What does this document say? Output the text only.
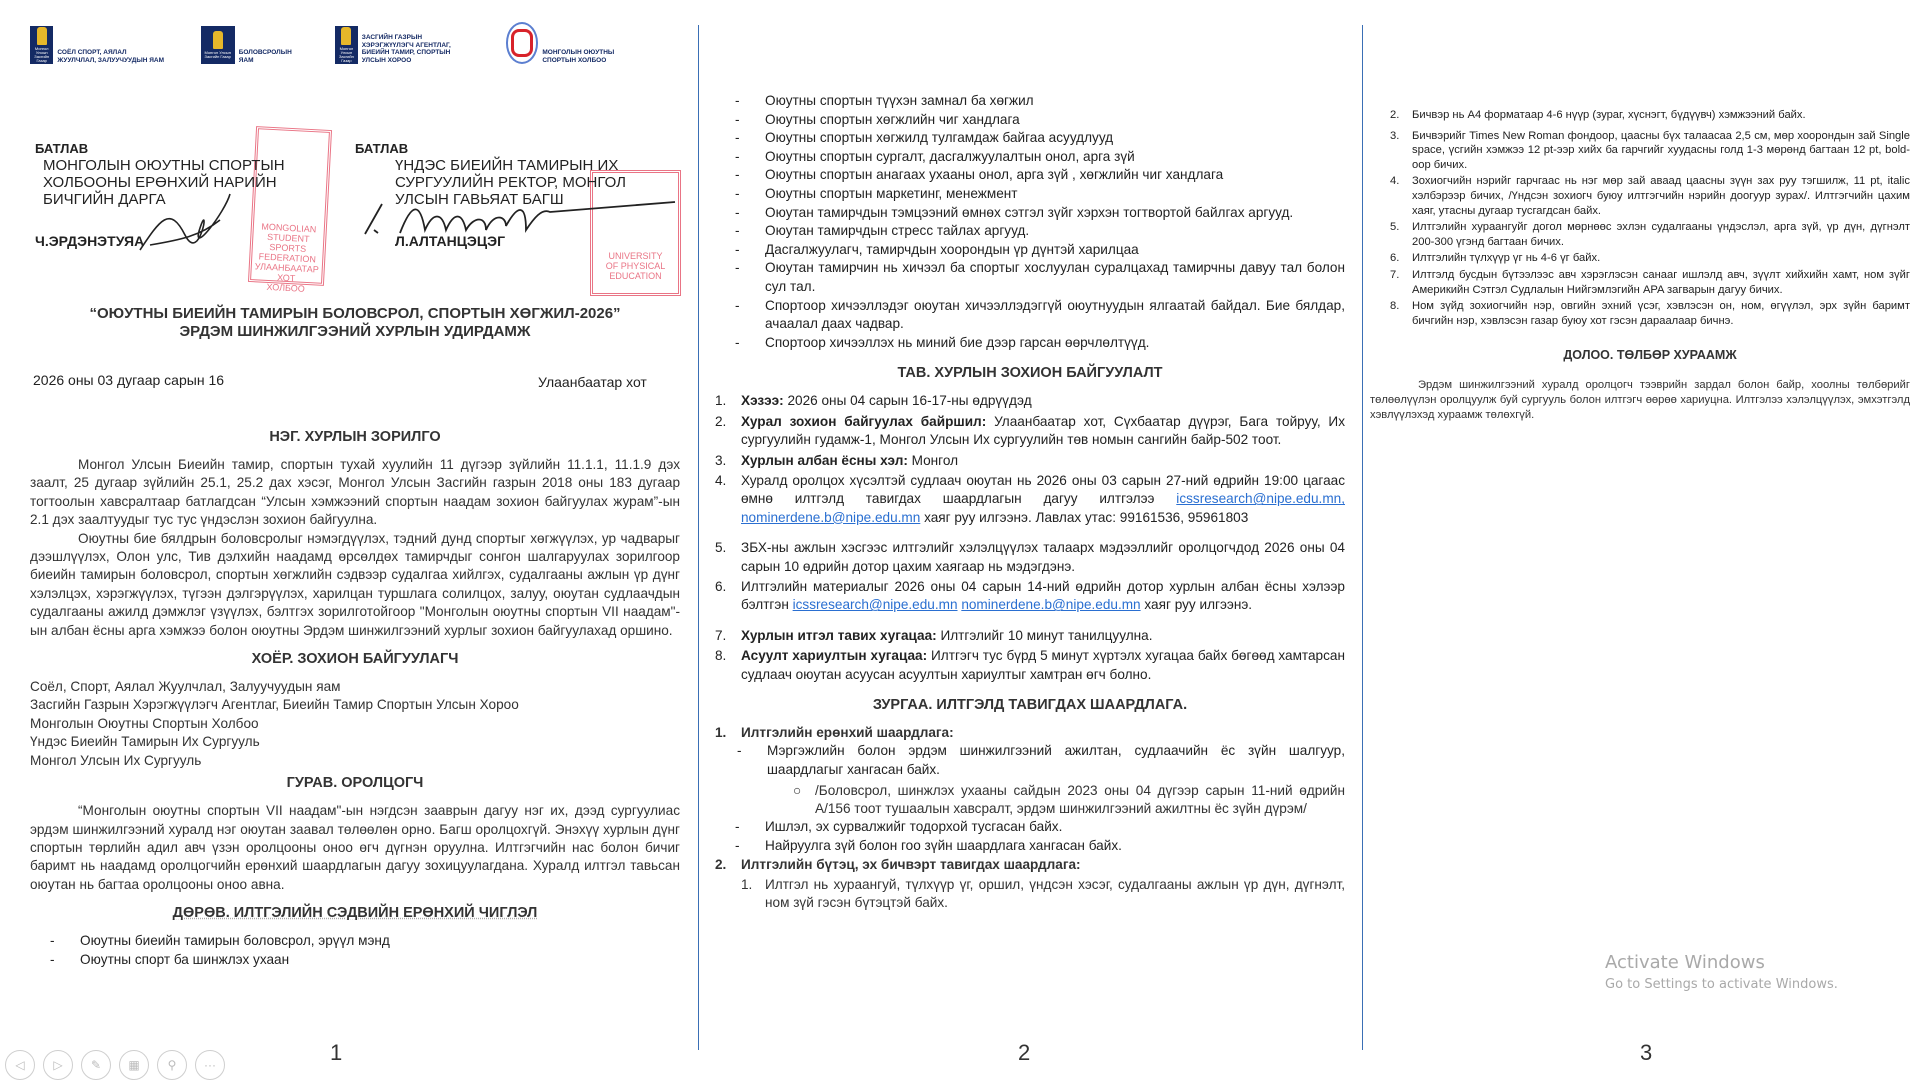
Монгол Улсын Засгийн Газар
СОЁЛ СПОРТ, АЯЛАЛ ЖУУЛЧЛАЛ, ЗАЛУУЧУУДЫН ЯАМ
Монгол Улсын Засгийн Газар
БОЛОВСРОЛЫН ЯАМ
Монгол Улсын Засгийн Газар
ЗАСГИЙН ГАЗРЫН ХЭРЭГЖҮҮЛЭГЧ АГЕНТЛАГ, БИЕИЙН ТАМИР, СПОРТЫН УЛСЫН ХОРОО
МОНГОЛЫН ОЮУТНЫ СПОРТЫН ХОЛБОО
MONGOLIAN
STUDENT SPORTS
FEDERATION
УЛААНБААТАР ХОТ
ХОЛБОО
БАТЛАВ
МОНГОЛЫН ОЮУТНЫ СПОРТЫН
ХОЛБООНЫ ЕРӨНХИЙ НАРИЙН
БИЧГИЙН ДАРГА
Ч.ЭРДЭНЭТУЯА
UNIVERSITY
OF PHYSICAL
EDUCATION
БАТЛАВ
ҮНДЭС БИЕИЙН ТАМИРЫН ИХ
СУРГУУЛИЙН РЕКТОР, МОНГОЛ
УЛСЫН ГАВЬЯАТ БАГШ
Л.АЛТАНЦЭЦЭГ
“ОЮУТНЫ БИЕИЙН ТАМИРЫН БОЛОВСРОЛ, СПОРТЫН ХӨГЖИЛ-2026”
ЭРДЭМ ШИНЖИЛГЭЭНИЙ ХУРЛЫН УДИРДАМЖ
2026 оны 03 дугаар сарын 16	Улаанбаатар хот
НЭГ. ХУРЛЫН ЗОРИЛГО
Монгол Улсын Биеийн тамир, спортын тухай хуулийн 11 дүгээр зүйлийн 11.1.1, 11.1.9 дэх заалт, 25 дугаар зүйлийн 25.1, 25.2 дах хэсэг, Монгол Улсын Засгийн газрын 2018 оны 183 дугаар тогтоолын хавсралтаар батлагдсан “Улсын хэмжээний спортын наадам зохион байгуулах журам”-ын 2.1 дэх заалтуудыг тус тус үндэслэн зохион байгуулна.
Оюутны бие бялдрын боловсролыг нэмэгдүүлэх, тэдний дунд спортыг хөгжүүлэх, ур чадварыг дээшлүүлэх, Олон улс, Тив дэлхийн наадамд өрсөлдөх тамирчдыг сонгон шалгаруулах зорилгоор биеийн тамирын боловсрол, спортын хөгжлийн сэдвээр судалгаа хийлгэх, судалгааны ажлын үр дүнг хэлэлцэх, хэрэгжүүлэх, түгээн дэлгэрүүлэх, харилцан туршлага солилцох, залуу, оюутан судлаачдын судалгааны ажилд дэмжлэг үзүүлэх, бэлтгэх зорилготойгоор "Монголын оюутны спортын VII наадам"-ын албан ёсны арга хэмжээ болон оюутны Эрдэм шинжилгээний хурлыг зохион байгуулахад оршино.
ХОЁР. ЗОХИОН БАЙГУУЛАГЧ
Соёл, Спорт, Аялал Жуулчлал, Залуучуудын яам
Засгийн Газрын Хэрэгжүүлэгч Агентлаг, Биеийн Тамир Спортын Улсын Хороо
Монголын Оюутны Спортын Холбоо
Үндэс Биеийн Тамирын Их Сургууль
Монгол Улсын Их Сургууль
ГУРАВ. ОРОЛЦОГЧ
“Монголын оюутны спортын VII наадам"-ын нэгдсэн зааврын дагуу нэг их, дээд сургуулиас эрдэм шинжилгээний хуралд нэг оюутан заавал төлөөлөн орно. Багш оролцохгүй. Энэхүү хурлын дүнг спортын төрлийн адил авч үзэн оролцооны оноо өгч дүгнэн оруулна. Илтгэгчийн нас болон бичиг баримт нь наадамд оролцогчийн ерөнхий шаардлагын дагуу зохицуулагдана. Хуралд илтгэл тавьсан оюутан нь багтаа оролцооны оноо авна.
ДӨРӨВ. ИЛТГЭЛИЙН СЭДВИЙН ЕРӨНХИЙ ЧИГЛЭЛ
- Оюутны биеийн тамирын боловсрол, эрүүл мэнд
- Оюутны спорт ба шинжлэх ухаан
- Оюутны спортын түүхэн замнал ба хөгжил
- Оюутны спортын хөгжлийн чиг хандлага
- Оюутны спортын хөгжилд тулгамдаж байгаа асуудлууд
- Оюутны спортын сургалт, дасгалжуулалтын онол, арга зүй
- Оюутны спортын анагаах ухааны онол, арга зүй , хөгжлийн чиг хандлага
- Оюутны спортын маркетинг, менежмент
- Оюутан тамирчдын тэмцээний өмнөх сэтгэл зүйг хэрхэн тогтвортой байлгах аргууд.
- Оюутан тамирчдын стресс тайлах аргууд.
- Дасгалжуулагч, тамирчдын хоорондын үр дүнтэй харилцаа
- Оюутан тамирчин нь хичээл ба спортыг хослуулан суралцахад тамирчны давуу тал болон сул тал.
- Спортоор хичээллэдэг оюутан хичээллэдэггүй оюутнуудын ялгаатай байдал. Бие бялдар, ачаалал даах чадвар.
- Спортоор хичээллэх нь миний бие дээр гарсан өөрчлөлтүүд.
ТАВ. ХУРЛЫН ЗОХИОН БАЙГУУЛАЛТ
1. Хэзээ: 2026 оны 04 сарын 16-17-ны өдрүүдэд
2. Хурал зохион байгуулах байршил: Улаанбаатар хот, Сүхбаатар дүүрэг, Бага тойруу, Их сургуулийн гудамж-1, Монгол Улсын Их сургуулийн төв номын сангийн байр-502 тоот.
3. Хурлын албан ёсны хэл: Монгол
4. Хуралд оролцох хүсэлтэй судлаач оюутан нь 2026 оны 03 сарын 27-ний өдрийн 19:00 цагаас өмнө илтгэлд тавигдах шаардлагын дагуу илтгэлээ icssresearch@nipe.edu.mn, nominerdene.b@nipe.edu.mn хаяг руу илгээнэ. Лавлах утас: 99161536, 95961803
5. ЗБХ-ны ажлын хэсгээс илтгэлийг хэлэлцүүлэх талаарх мэдээллийг оролцогчдод 2026 оны 04 сарын 10 өдрийн дотор цахим хаягаар нь мэдэгдэнэ.
6. Илтгэлийн материалыг 2026 оны 04 сарын 14-ний өдрийн дотор хурлын албан ёсны хэлээр бэлтгэн icssresearch@nipe.edu.mn nominerdene.b@nipe.edu.mn хаяг руу илгээнэ.
7. Хурлын итгэл тавих хугацаа: Илтгэлийг 10 минут танилцуулна.
8. Асуулт хариултын хугацаа: Илтгэгч тус бүрд 5 минут хүртэлх хугацаа байх бөгөөд хамтарсан судлаач оюутан асуусан асуултын хариултыг хамтран өгч болно.
ЗУРГАА. ИЛТГЭЛД ТАВИГДАХ ШААРДЛАГА.
1. Илтгэлийн ерөнхий шаардлага:
- Мэргэжлийн болон эрдэм шинжилгээний ажилтан, судлаачийн ёс зүйн шалгуур, шаардлагыг хангасан байх.
○ /Боловсрол, шинжлэх ухааны сайдын 2023 оны 04 дүгээр сарын 11-ний өдрийн А/156 тоот тушаалын хавсралт, эрдэм шинжилгээний ажилтны ёс зүйн дүрэм/
- Ишлэл, эх сурвалжийг тодорхой тусгасан байх.
- Найруулга зүй болон гоо зүйн шаардлага хангасан байх.
2. Илтгэлийн бүтэц, эх бичвэрт тавигдах шаардлага:
1. Илтгэл нь хураангуй, түлхүүр үг, оршил, үндсэн хэсэг, судалгааны ажлын үр дүн, дүгнэлт, ном зүй гэсэн бүтэцтэй байх.
2. Бичвэр нь А4 форматаар 4-6 нүүр (зураг, хүснэгт, бүдүүвч) хэмжээний байх.
3. Бичвэрийг Times New Roman фондоор, цаасны бүх талаасаа 2,5 см, мөр хоорондын зай Single space, үсгийн хэмжээ 12 pt-ээр хийх ба гарчгийг хуудасны голд 1-3 мөрөнд багтаан 12 pt, bold-оор бичих.
4. Зохиогчийн нэрийг гарчгаас нь нэг мөр зай аваад цаасны зүүн зах руу тэгшилж, 11 pt, italic хэлбэрээр бичих, /Үндсэн зохиогч буюу илтгэгчийн нэрийн доогуур зурах/. Илтгэгчийн цахим хаяг, утасны дугаар тусгагдсан байх.
5. Илтгэлийн хураангуйг догол мөрнөөс эхлэн судалгааны үндэслэл, арга зүй, үр дүн, дүгнэлт 200-300 үгэнд багтаан бичих.
6. Илтгэлийн түлхүүр үг нь 4-6 үг байх.
7. Илтгэлд бусдын бүтээлээс авч хэрэглэсэн санааг ишлэлд авч, зүүлт хийхийн хамт, ном зүйг Америкийн Сэтгэл Судлалын Нийгэмлэгийн APA загварын дагуу бичих.
8. Ном зүйд зохиогчийн нэр, овгийн эхний үсэг, хэвлэсэн он, ном, өгүүлэл, эрх зүйн баримт бичгийн нэр, хэвлэсэн газар буюу хот гэсэн дараалаар бичнэ.
ДОЛОО. ТӨЛБӨР ХУРААМЖ
Эрдэм шинжилгээний хуралд оролцогч тээврийн зардал болон байр, хоолны төлбөрийг төлөөлүүлэн оролцуулж буй сургууль болон илтгэгч өөрөө хариуцна. Илтгэлээ хэлэлцүүлэх, эмхэтгэлд хэвлүүлэхэд хураамж төлөхгүй.
1	2	3
◁ ▷ ✎ ▦ ⚲ ···
Activate Windows
Go to Settings to activate Windows.
